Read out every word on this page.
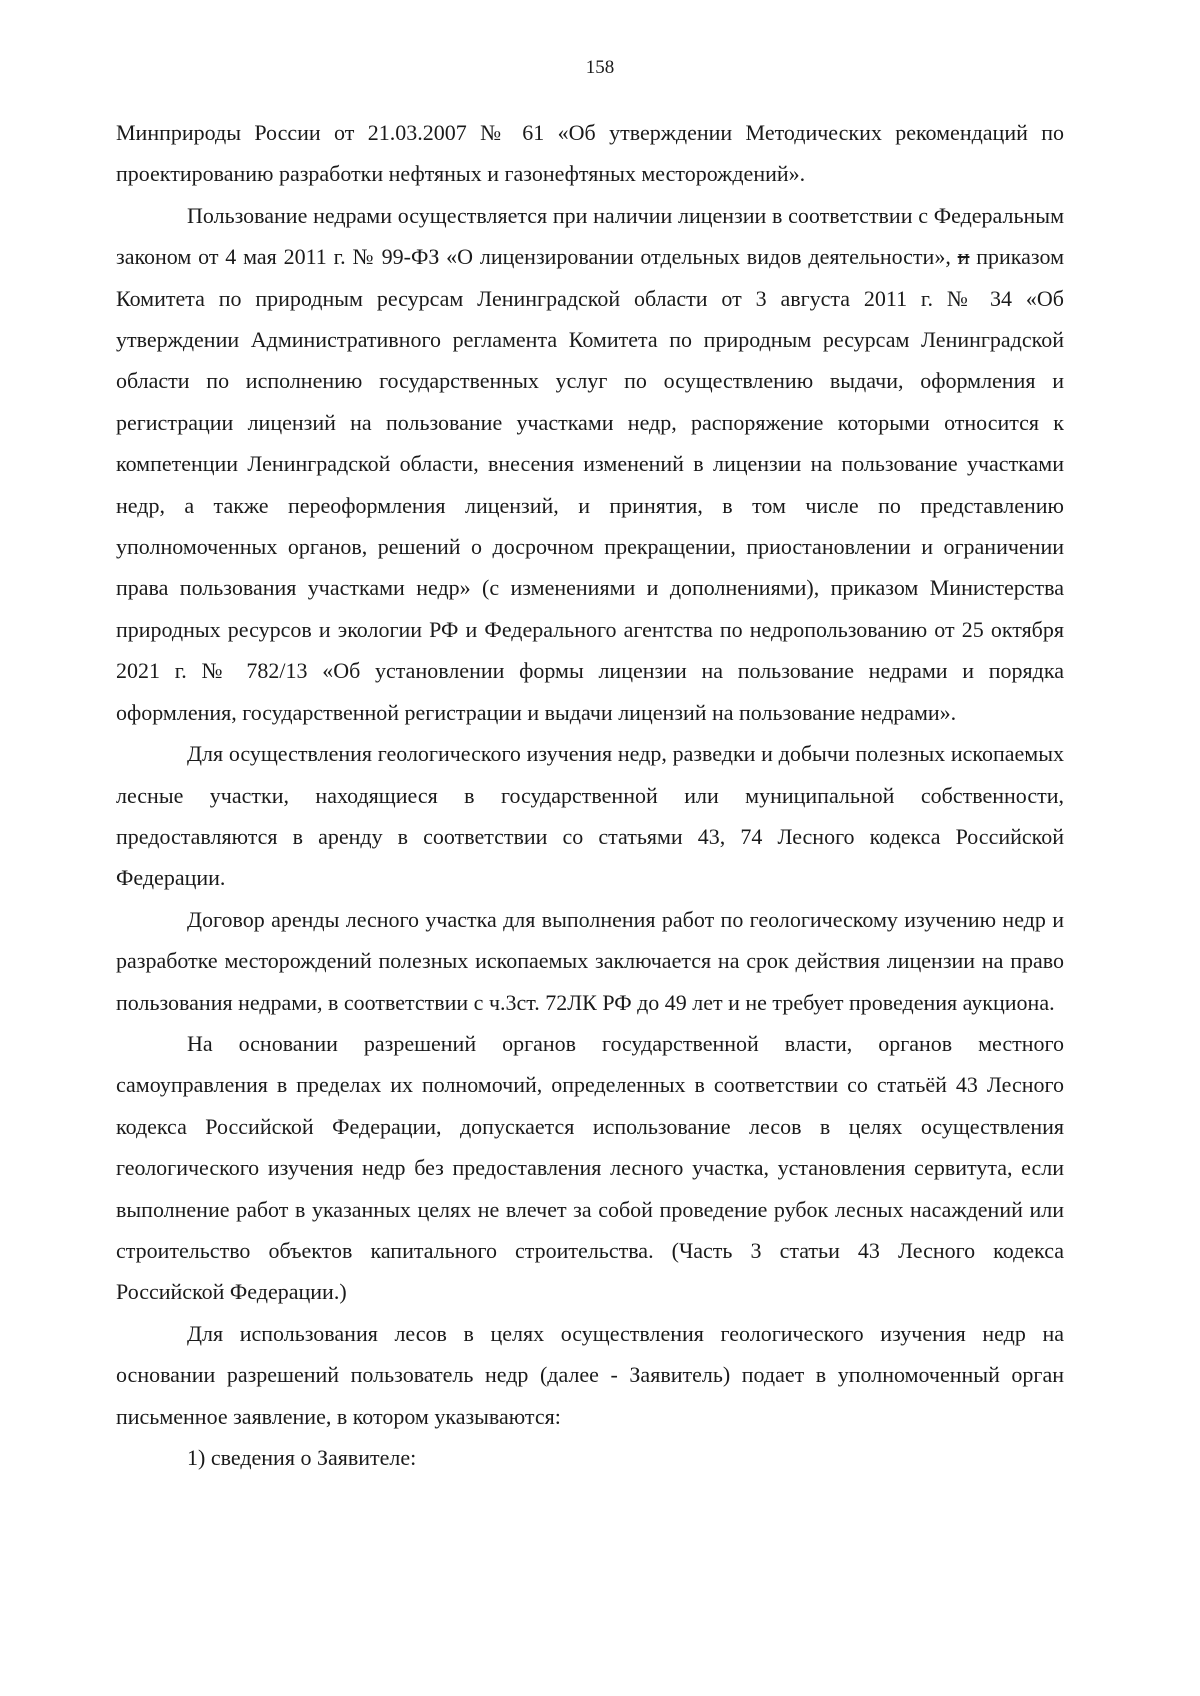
158

Минприроды России от 21.03.2007 № 61 «Об утверждении Методических рекомендаций по проектированию разработки нефтяных и газонефтяных месторождений».

Пользование недрами осуществляется при наличии лицензии в соответствии с Федеральным законом от 4 мая 2011 г. № 99-ФЗ «О лицензировании отдельных видов деятельности», и приказом Комитета по природным ресурсам Ленинградской области от 3 августа 2011 г. № 34 «Об утверждении Административного регламента Комитета по природным ресурсам Ленинградской области по исполнению государственных услуг по осуществлению выдачи, оформления и регистрации лицензий на пользование участками недр, распоряжение которыми относится к компетенции Ленинградской области, внесения изменений в лицензии на пользование участками недр, а также переоформления лицензий, и принятия, в том числе по представлению уполномоченных органов, решений о досрочном прекращении, приостановлении и ограничении права пользования участками недр» (с изменениями и дополнениями), приказом Министерства природных ресурсов и экологии РФ и Федерального агентства по недропользованию от 25 октября 2021 г. № 782/13 «Об установлении формы лицензии на пользование недрами и порядка оформления, государственной регистрации и выдачи лицензий на пользование недрами».

Для осуществления геологического изучения недр, разведки и добычи полезных ископаемых лесные участки, находящиеся в государственной или муниципальной собственности, предоставляются в аренду в соответствии со статьями 43, 74 Лесного кодекса Российской Федерации.

Договор аренды лесного участка для выполнения работ по геологическому изучению недр и разработке месторождений полезных ископаемых заключается на срок действия лицензии на право пользования недрами, в соответствии с ч.3ст. 72ЛК РФ до 49 лет и не требует проведения аукциона.

На основании разрешений органов государственной власти, органов местного самоуправления в пределах их полномочий, определенных в соответствии со статьёй 43 Лесного кодекса Российской Федерации, допускается использование лесов в целях осуществления геологического изучения недр без предоставления лесного участка, установления сервитута, если выполнение работ в указанных целях не влечет за собой проведение рубок лесных насаждений или строительство объектов капитального строительства. (Часть 3 статьи 43 Лесного кодекса Российской Федерации.)

Для использования лесов в целях осуществления геологического изучения недр на основании разрешений пользователь недр (далее - Заявитель) подает в уполномоченный орган письменное заявление, в котором указываются:

1) сведения о Заявителе:
